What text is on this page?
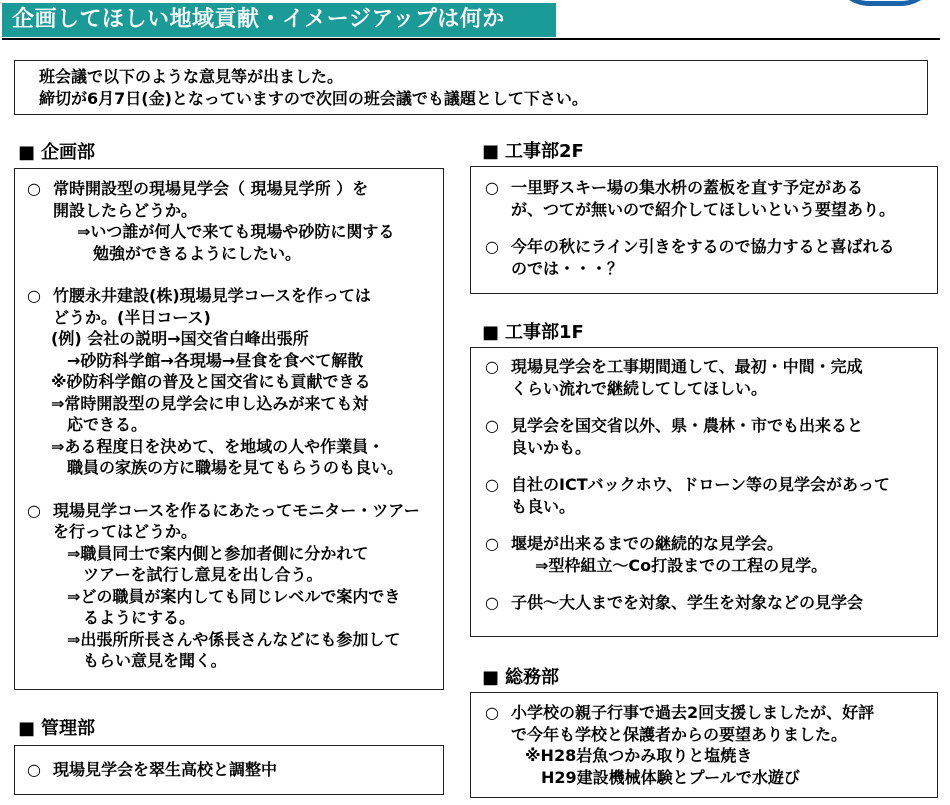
企画してほしい地域貢献・イメージアップは何か
班会議で以下のような意見等が出ました。
締切が6月7日(金)となっていますので次回の班会議でも議題として下さい。
■ 企画部
○ 常時開設型の現場見学会（ 現場見学所 ）を
開設したらどうか。
⇒いつ誰が何人で来ても現場や砂防に関する
　勉強ができるようにしたい。
○ 竹腰永井建設(株)現場見学コースを作っては
どうか。(半日コース)
(例) 会社の説明→国交省白峰出張所
　→砂防科学館→各現場→昼食を食べて解散
※砂防科学館の普及と国交省にも貢献できる
⇒常時開設型の見学会に申し込みが来ても対
　応できる。
⇒ある程度日を決めて、を地域の人や作業員・
　職員の家族の方に職場を見てもらうのも良い。
○ 現場見学コースを作るにあたってモニター・ツアー
を行ってはどうか。
⇒職員同士で案内側と参加者側に分かれて
　ツアーを試行し意見を出し合う。
⇒どの職員が案内しても同じレベルで案内でき
　るようにする。
⇒出張所所長さんや係長さんなどにも参加して
　もらい意見を聞く。
■ 管理部
○ 現場見学会を翠生高校と調整中
■ 工事部2F
○ 一里野スキー場の集水枡の蓋板を直す予定がある
が、つてが無いので紹介してほしいという要望あり。
○ 今年の秋にライン引きをするので協力すると喜ばれる
のでは・・・？
■ 工事部1F
○ 現場見学会を工事期間通して、最初・中間・完成
くらい流れで継続してしてほしい。
○ 見学会を国交省以外、県・農林・市でも出来ると
良いかも。
○ 自社のICTバックホウ、ドローン等の見学会があって
も良い。
○ 堰堤が出来るまでの継続的な見学会。
⇒型枠組立～Co打設までの工程の見学。
○ 子供～大人までを対象、学生を対象などの見学会
■ 総務部
○ 小学校の親子行事で過去2回支援しましたが、好評
で今年も学校と保護者からの要望ありました。
※H28岩魚つかみ取りと塩焼き
　H29建設機械体験とプールで水遊び
